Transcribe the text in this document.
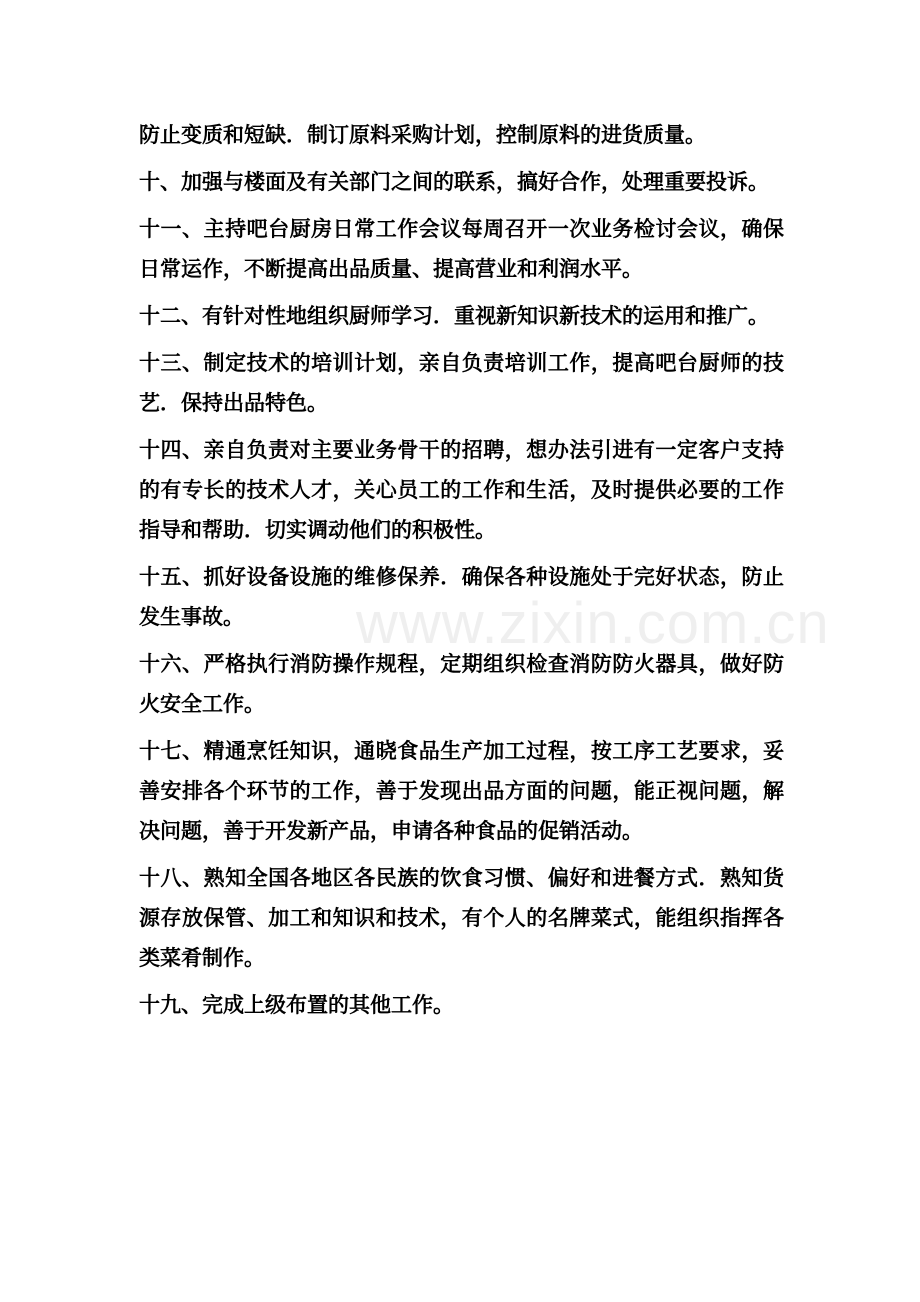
防止变质和短缺．制订原料采购计划，控制原料的进货质量。

十、加强与楼面及有关部门之间的联系，搞好合作，处理重要投诉。

十一、主持吧台厨房日常工作会议每周召开一次业务检讨会议，确保日常运作，不断提高出品质量、提高营业和利润水平。

十二、有针对性地组织厨师学习．重视新知识新技术的运用和推广。

十三、制定技术的培训计划，亲自负责培训工作，提高吧台厨师的技艺．保持出品特色。

十四、亲自负责对主要业务骨干的招聘，想办法引进有一定客户支持的有专长的技术人才，关心员工的工作和生活，及时提供必要的工作指导和帮助．切实调动他们的积极性。

十五、抓好设备设施的维修保养．确保各种设施处于完好状态，防止发生事故。

十六、严格执行消防操作规程，定期组织检查消防防火器具，做好防火安全工作。

十七、精通烹饪知识，通晓食品生产加工过程，按工序工艺要求，妥善安排各个环节的工作，善于发现出品方面的问题，能正视问题，解决问题，善于开发新产品，申请各种食品的促销活动。

十八、熟知全国各地区各民族的饮食习惯、偏好和进餐方式．熟知货源存放保管、加工和知识和技术，有个人的名牌菜式，能组织指挥各类菜肴制作。

十九、完成上级布置的其他工作。

www.zixin.com.cn
